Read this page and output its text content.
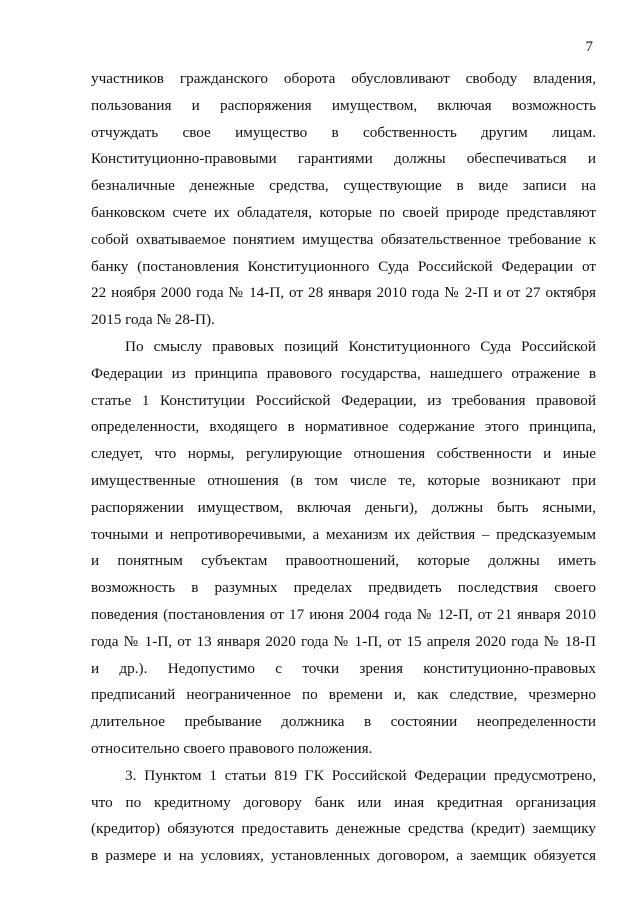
7
участников гражданского оборота обусловливают свободу владения,
пользования и распоряжения имуществом, включая возможность
отчуждать свое имущество в собственность другим лицам.
Конституционно-правовыми гарантиями должны обеспечиваться и
безналичные денежные средства, существующие в виде записи на
банковском счете их обладателя, которые по своей природе представляют
собой охватываемое понятием имущества обязательственное требование к
банку (постановления Конституционного Суда Российской Федерации от
22 ноября 2000 года № 14-П, от 28 января 2010 года № 2-П и от 27 октября
2015 года № 28-П).
По смыслу правовых позиций Конституционного Суда Российской
Федерации из принципа правового государства, нашедшего отражение в
статье 1 Конституции Российской Федерации, из требования правовой
определенности, входящего в нормативное содержание этого принципа,
следует, что нормы, регулирующие отношения собственности и иные
имущественные отношения (в том числе те, которые возникают при
распоряжении имуществом, включая деньги), должны быть ясными,
точными и непротиворечивыми, а механизм их действия – предсказуемым
и понятным субъектам правоотношений, которые должны иметь
возможность в разумных пределах предвидеть последствия своего
поведения (постановления от 17 июня 2004 года № 12-П, от 21 января 2010
года № 1-П, от 13 января 2020 года № 1-П, от 15 апреля 2020 года № 18-П
и др.). Недопустимо с точки зрения конституционно-правовых
предписаний неограниченное по времени и, как следствие, чрезмерно
длительное пребывание должника в состоянии неопределенности
относительно своего правового положения.
3. Пунктом 1 статьи 819 ГК Российской Федерации предусмотрено,
что по кредитному договору банк или иная кредитная организация
(кредитор) обязуются предоставить денежные средства (кредит) заемщику
в размере и на условиях, установленных договором, а заемщик обязуется
